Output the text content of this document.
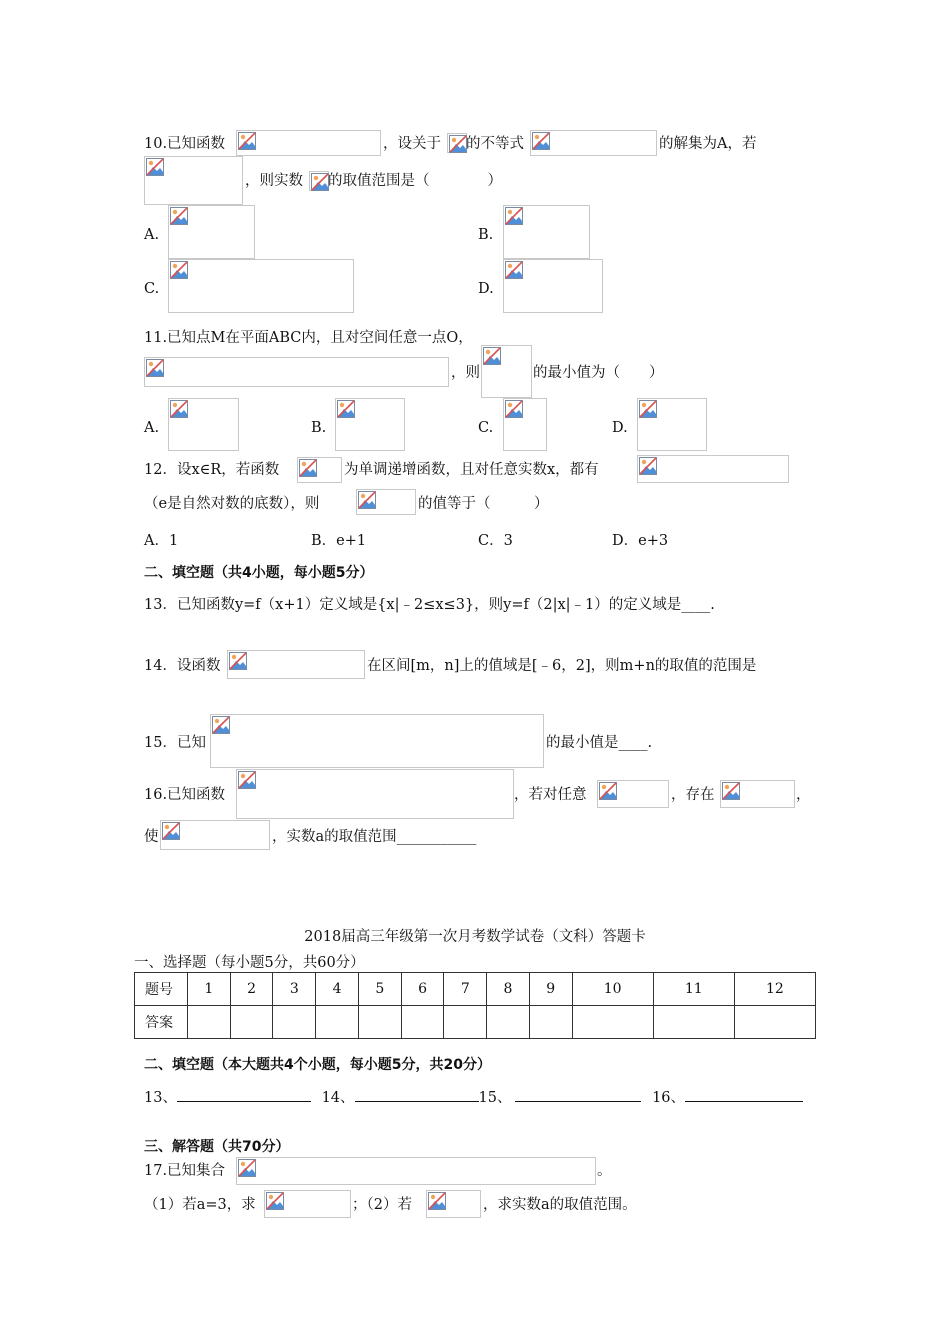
10.已知函数	，设关于 的不等式	的解集为A，若
，则实数 的取值范围是（　　　　）
A.	B.
C.	D.
11.已知点M在平面ABC内，且对空间任意一点O，
，则	的最小值为（　　）
A.	B.	C.	D.
12．设x∈R，若函数	为单调递增函数，且对任意实数x，都有
（e是自然对数的底数），则	的值等于（　　　）
A．1	B．e+1	C．3	D．e+3
二、填空题（共4小题，每小题5分）
13．已知函数y=f（x+1）定义域是{x|﹣2≤x≤3}，则y=f（2|x|﹣1）的定义域是____.
14．设函数	在区间[m，n]上的值域是[﹣6，2]，则m+n的取值的范围是
15．已知	的最小值是____.
16.已知函数	，若对任意	，存在	，
使	，实数a的取值范围___________
2018届高三年级第一次月考数学试卷（文科）答题卡
一、选择题（每小题5分，共60分）
题号	1	2	3	4	5	6	7	8	9	10	11	12
答案												
二、填空题（本大题共4个小题，每小题5分，共20分）
13、	14、	15、	16、
三、解答题（共70分）
17.已知集合	。
（1）若a=3，求	；（2）若	，求实数a的取值范围。
